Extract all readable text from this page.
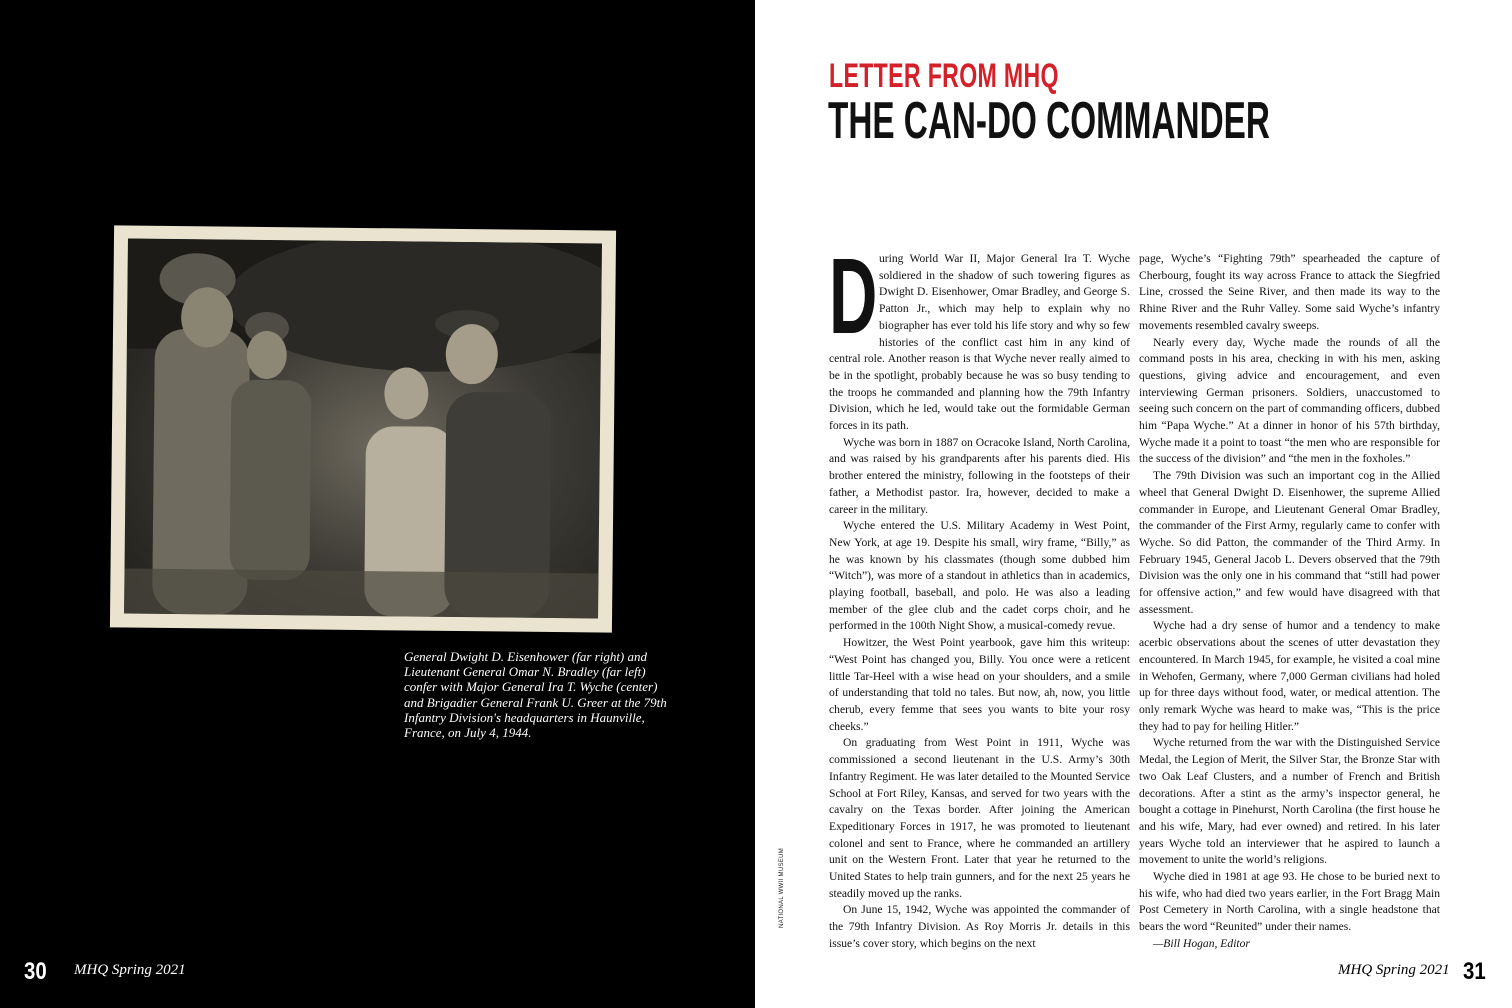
General Dwight D. Eisenhower (far right) and Lieutenant General Omar N. Bradley (far left) confer with Major General Ira T. Wyche (center) and Brigadier General Frank U. Greer at the 79th Infantry Division's headquarters in Haunville, France, on July 4, 1944.
30 MHQ Spring 2021
LETTER FROM MHQ
THE CAN-DO COMMANDER
NATIONAL WWII MUSEUM

During World War II, Major General Ira T. Wyche soldiered in the shadow of such towering figures as Dwight D. Eisenhower, Omar Bradley, and George S. Patton Jr., which may help to explain why no biographer has ever told his life story and why so few histories of the conflict cast him in any kind of central role. Another reason is that Wyche never really aimed to be in the spotlight, probably because he was so busy tending to the troops he commanded and planning how the 79th Infantry Division, which he led, would take out the formidable German forces in its path.

Wyche was born in 1887 on Ocracoke Island, North Carolina, and was raised by his grandparents after his parents died. His brother entered the ministry, following in the footsteps of their father, a Methodist pastor. Ira, however, decided to make a career in the military.

Wyche entered the U.S. Military Academy in West Point, New York, at age 19. Despite his small, wiry frame, “Billy,” as he was known by his classmates (though some dubbed him “Witch”), was more of a standout in athletics than in academics, playing football, baseball, and polo. He was also a leading member of the glee club and the cadet corps choir, and he performed in the 100th Night Show, a musical-comedy revue.

Howitzer, the West Point yearbook, gave him this writeup: “West Point has changed you, Billy. You once were a reticent little Tar-Heel with a wise head on your shoulders, and a smile of understanding that told no tales. But now, ah, now, you little cherub, every femme that sees you wants to bite your rosy cheeks.”

On graduating from West Point in 1911, Wyche was commissioned a second lieutenant in the U.S. Army’s 30th Infantry Regiment. He was later detailed to the Mounted Service School at Fort Riley, Kansas, and served for two years with the cavalry on the Texas border. After joining the American Expeditionary Forces in 1917, he was promoted to lieutenant colonel and sent to France, where he commanded an artillery unit on the Western Front. Later that year he returned to the United States to help train gunners, and for the next 25 years he steadily moved up the ranks.

On June 15, 1942, Wyche was appointed the commander of the 79th Infantry Division. As Roy Morris Jr. details in this issue’s cover story, which begins on the next

page, Wyche’s “Fighting 79th” spearheaded the capture of Cherbourg, fought its way across France to attack the Siegfried Line, crossed the Seine River, and then made its way to the Rhine River and the Ruhr Valley. Some said Wyche’s infantry movements resembled cavalry sweeps.

Nearly every day, Wyche made the rounds of all the command posts in his area, checking in with his men, asking questions, giving advice and encouragement, and even interviewing German prisoners. Soldiers, unaccustomed to seeing such concern on the part of commanding officers, dubbed him “Papa Wyche.” At a dinner in honor of his 57th birthday, Wyche made it a point to toast “the men who are responsible for the success of the division” and “the men in the foxholes.”

The 79th Division was such an important cog in the Allied wheel that General Dwight D. Eisenhower, the supreme Allied commander in Europe, and Lieutenant General Omar Bradley, the commander of the First Army, regularly came to confer with Wyche. So did Patton, the commander of the Third Army. In February 1945, General Jacob L. Devers observed that the 79th Division was the only one in his command that “still had power for offensive action,” and few would have disagreed with that assessment.

Wyche had a dry sense of humor and a tendency to make acerbic observations about the scenes of utter devastation they encountered. In March 1945, for example, he visited a coal mine in Wehofen, Germany, where 7,000 German civilians had holed up for three days without food, water, or medical attention. The only remark Wyche was heard to make was, “This is the price they had to pay for heiling Hitler.”

Wyche returned from the war with the Distinguished Service Medal, the Legion of Merit, the Silver Star, the Bronze Star with two Oak Leaf Clusters, and a number of French and British decorations. After a stint as the army’s inspector general, he bought a cottage in Pinehurst, North Carolina (the first house he and his wife, Mary, had ever owned) and retired. In his later years Wyche told an interviewer that he aspired to launch a movement to unite the world’s religions.

Wyche died in 1981 at age 93. He chose to be buried next to his wife, who had died two years earlier, in the Fort Bragg Main Post Cemetery in North Carolina, with a single headstone that bears the word “Reunited” under their names.

—Bill Hogan, Editor

MHQ Spring 2021 31
